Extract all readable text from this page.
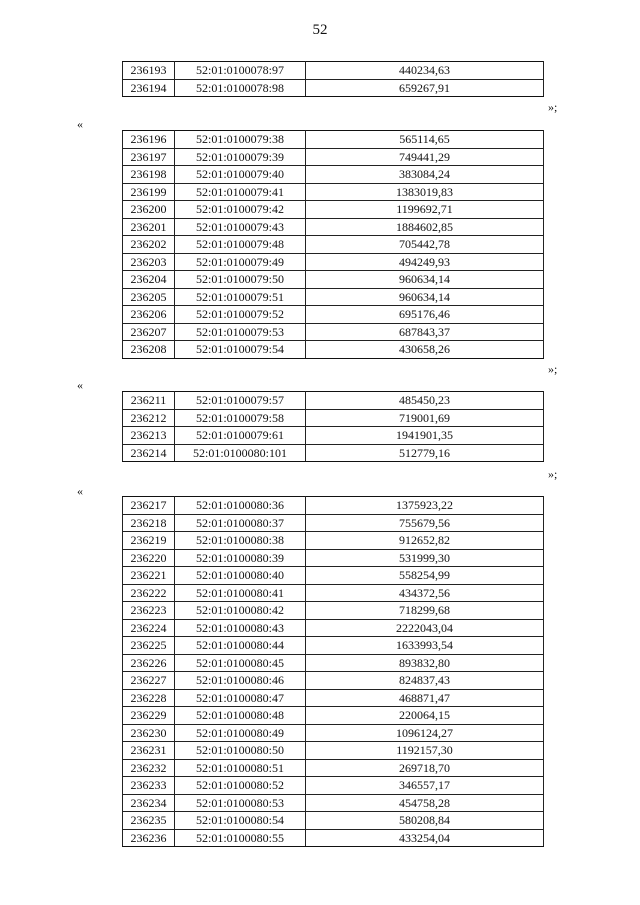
52
236193	52:01:0100078:97	440234,63
236194	52:01:0100078:98	659267,91
»;
«
236196	52:01:0100079:38	565114,65
236197	52:01:0100079:39	749441,29
236198	52:01:0100079:40	383084,24
236199	52:01:0100079:41	1383019,83
236200	52:01:0100079:42	1199692,71
236201	52:01:0100079:43	1884602,85
236202	52:01:0100079:48	705442,78
236203	52:01:0100079:49	494249,93
236204	52:01:0100079:50	960634,14
236205	52:01:0100079:51	960634,14
236206	52:01:0100079:52	695176,46
236207	52:01:0100079:53	687843,37
236208	52:01:0100079:54	430658,26
»;
«
236211	52:01:0100079:57	485450,23
236212	52:01:0100079:58	719001,69
236213	52:01:0100079:61	1941901,35
236214	52:01:0100080:101	512779,16
»;
«
236217	52:01:0100080:36	1375923,22
236218	52:01:0100080:37	755679,56
236219	52:01:0100080:38	912652,82
236220	52:01:0100080:39	531999,30
236221	52:01:0100080:40	558254,99
236222	52:01:0100080:41	434372,56
236223	52:01:0100080:42	718299,68
236224	52:01:0100080:43	2222043,04
236225	52:01:0100080:44	1633993,54
236226	52:01:0100080:45	893832,80
236227	52:01:0100080:46	824837,43
236228	52:01:0100080:47	468871,47
236229	52:01:0100080:48	220064,15
236230	52:01:0100080:49	1096124,27
236231	52:01:0100080:50	1192157,30
236232	52:01:0100080:51	269718,70
236233	52:01:0100080:52	346557,17
236234	52:01:0100080:53	454758,28
236235	52:01:0100080:54	580208,84
236236	52:01:0100080:55	433254,04
